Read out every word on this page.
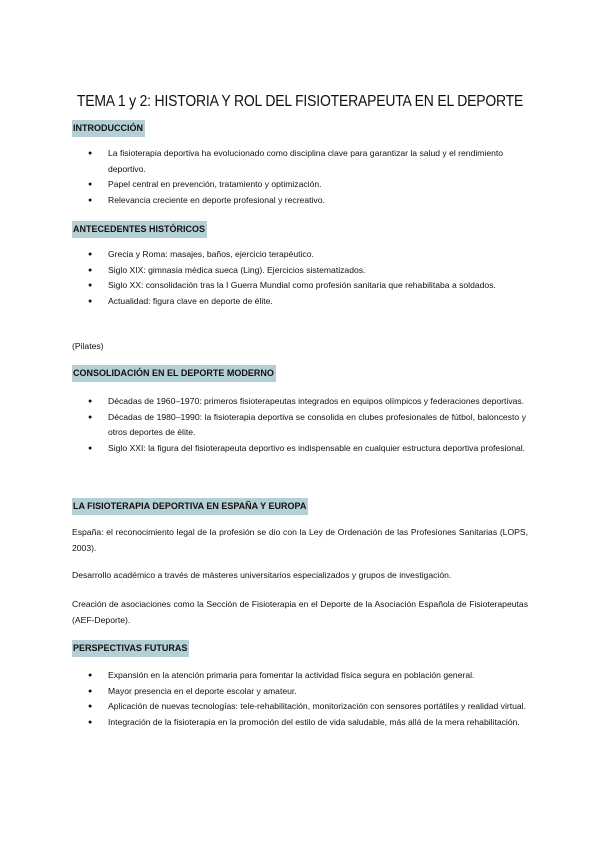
TEMA 1 y 2: HISTORIA Y ROL DEL FISIOTERAPEUTA EN EL DEPORTE
INTRODUCCIÓN
● La fisioterapia deportiva ha evolucionado como disciplina clave para garantizar la salud y el rendimiento deportivo.
● Papel central en prevención, tratamiento y optimización.
● Relevancia creciente en deporte profesional y recreativo.
ANTECEDENTES HISTÓRICOS
● Grecia y Roma: masajes, baños, ejercicio terapéutico.
● Siglo XIX: gimnasia médica sueca (Ling). Ejercicios sistematizados.
● Siglo XX: consolidación tras la I Guerra Mundial como profesión sanitaria que rehabilitaba a soldados.
● Actualidad: figura clave en deporte de élite.

(Pilates)

CONSOLIDACIÓN EN EL DEPORTE MODERNO
● Décadas de 1960–1970: primeros fisioterapeutas integrados en equipos olímpicos y federaciones deportivas.
● Décadas de 1980–1990: la fisioterapia deportiva se consolida en clubes profesionales de fútbol, baloncesto y otros deportes de élite.
● Siglo XXI: la figura del fisioterapeuta deportivo es indispensable en cualquier estructura deportiva profesional.
LA FISIOTERAPIA DEPORTIVA EN ESPAÑA Y EUROPA

España: el reconocimiento legal de la profesión se dio con la Ley de Ordenación de las Profesiones Sanitarias (LOPS, 2003).

Desarrollo académico a través de másteres universitarios especializados y grupos de investigación.

Creación de asociaciones como la Sección de Fisioterapia en el Deporte de la Asociación Española de Fisioterapeutas (AEF-Deporte).

PERSPECTIVAS FUTURAS
● Expansión en la atención primaria para fomentar la actividad física segura en población general.
● Mayor presencia en el deporte escolar y amateur.
● Aplicación de nuevas tecnologías: tele-rehabilitación, monitorización con sensores portátiles y realidad virtual.
● Integración de la fisioterapia en la promoción del estilo de vida saludable, más allá de la mera rehabilitación.
